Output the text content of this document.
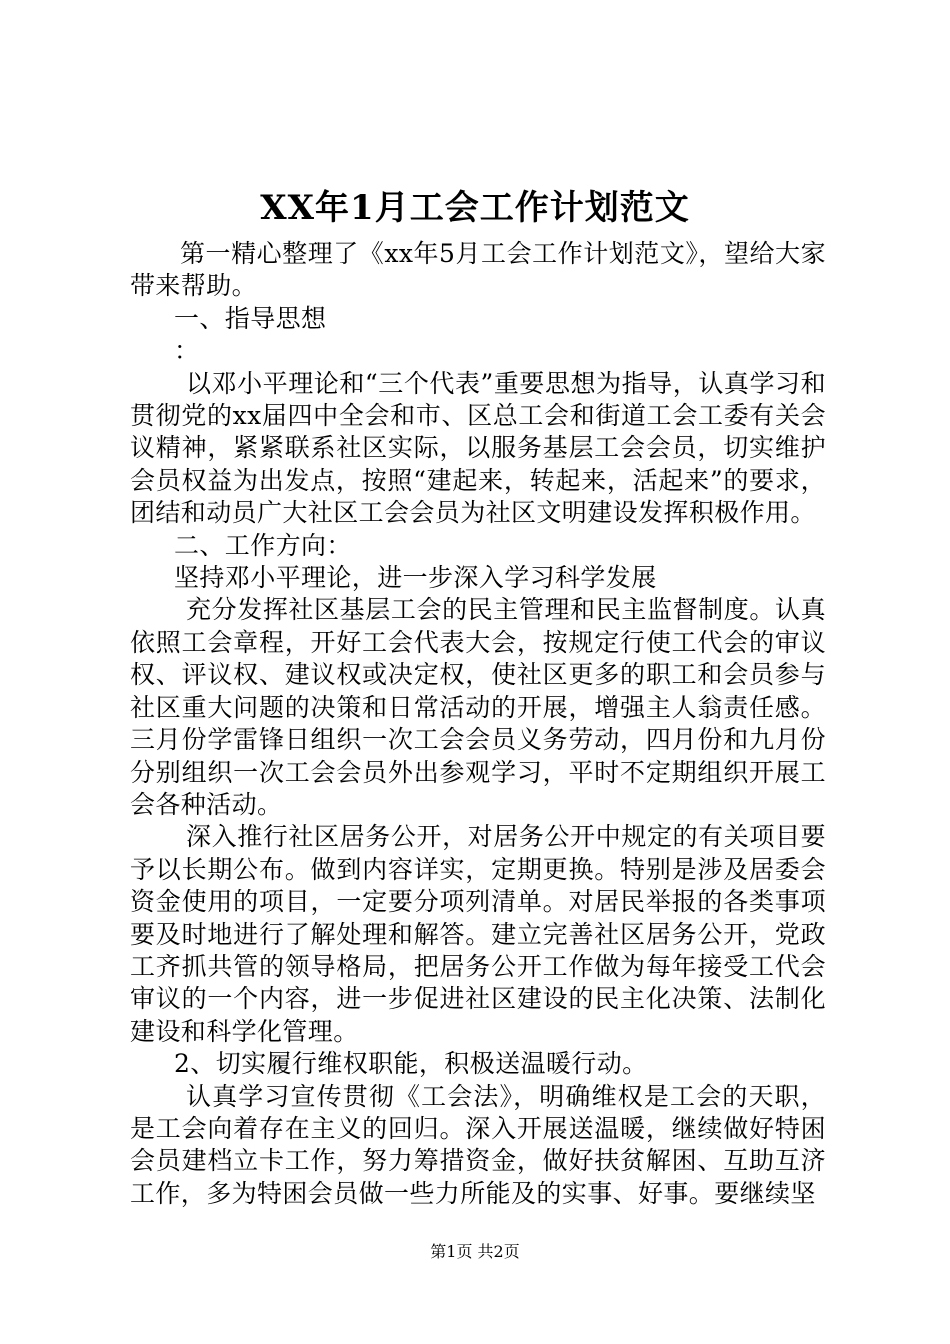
XX年1月工会工作计划范文

第一精心整理了《xx年5月工会工作计划范文》，望给大家带来帮助。

一、指导思想

：

以邓小平理论和“三个代表”重要思想为指导，认真学习和贯彻党的xx届四中全会和市、区总工会和街道工会工委有关会议精神，紧紧联系社区实际，以服务基层工会会员，切实维护会员权益为出发点，按照“建起来，转起来，活起来”的要求，团结和动员广大社区工会会员为社区文明建设发挥积极作用。

二、工作方向：

坚持邓小平理论，进一步深入学习科学发展

充分发挥社区基层工会的民主管理和民主监督制度。认真依照工会章程，开好工会代表大会，按规定行使工代会的审议权、评议权、建议权或决定权，使社区更多的职工和会员参与社区重大问题的决策和日常活动的开展，增强主人翁责任感。三月份学雷锋日组织一次工会会员义务劳动，四月份和九月份分别组织一次工会会员外出参观学习，平时不定期组织开展工会各种活动。

深入推行社区居务公开，对居务公开中规定的有关项目要予以长期公布。做到内容详实，定期更换。特别是涉及居委会资金使用的项目，一定要分项列清单。对居民举报的各类事项要及时地进行了解处理和解答。建立完善社区居务公开，党政工齐抓共管的领导格局，把居务公开工作做为每年接受工代会审议的一个内容，进一步促进社区建设的民主化决策、法制化建设和科学化管理。

2、切实履行维权职能，积极送温暖行动。

认真学习宣传贯彻《工会法》，明确维权是工会的天职，是工会向着存在主义的回归。深入开展送温暖，继续做好特困会员建档立卡工作，努力筹措资金，做好扶贫解困、互助互济工作，多为特困会员做一些力所能及的实事、好事。要继续坚

第1页 共2页
